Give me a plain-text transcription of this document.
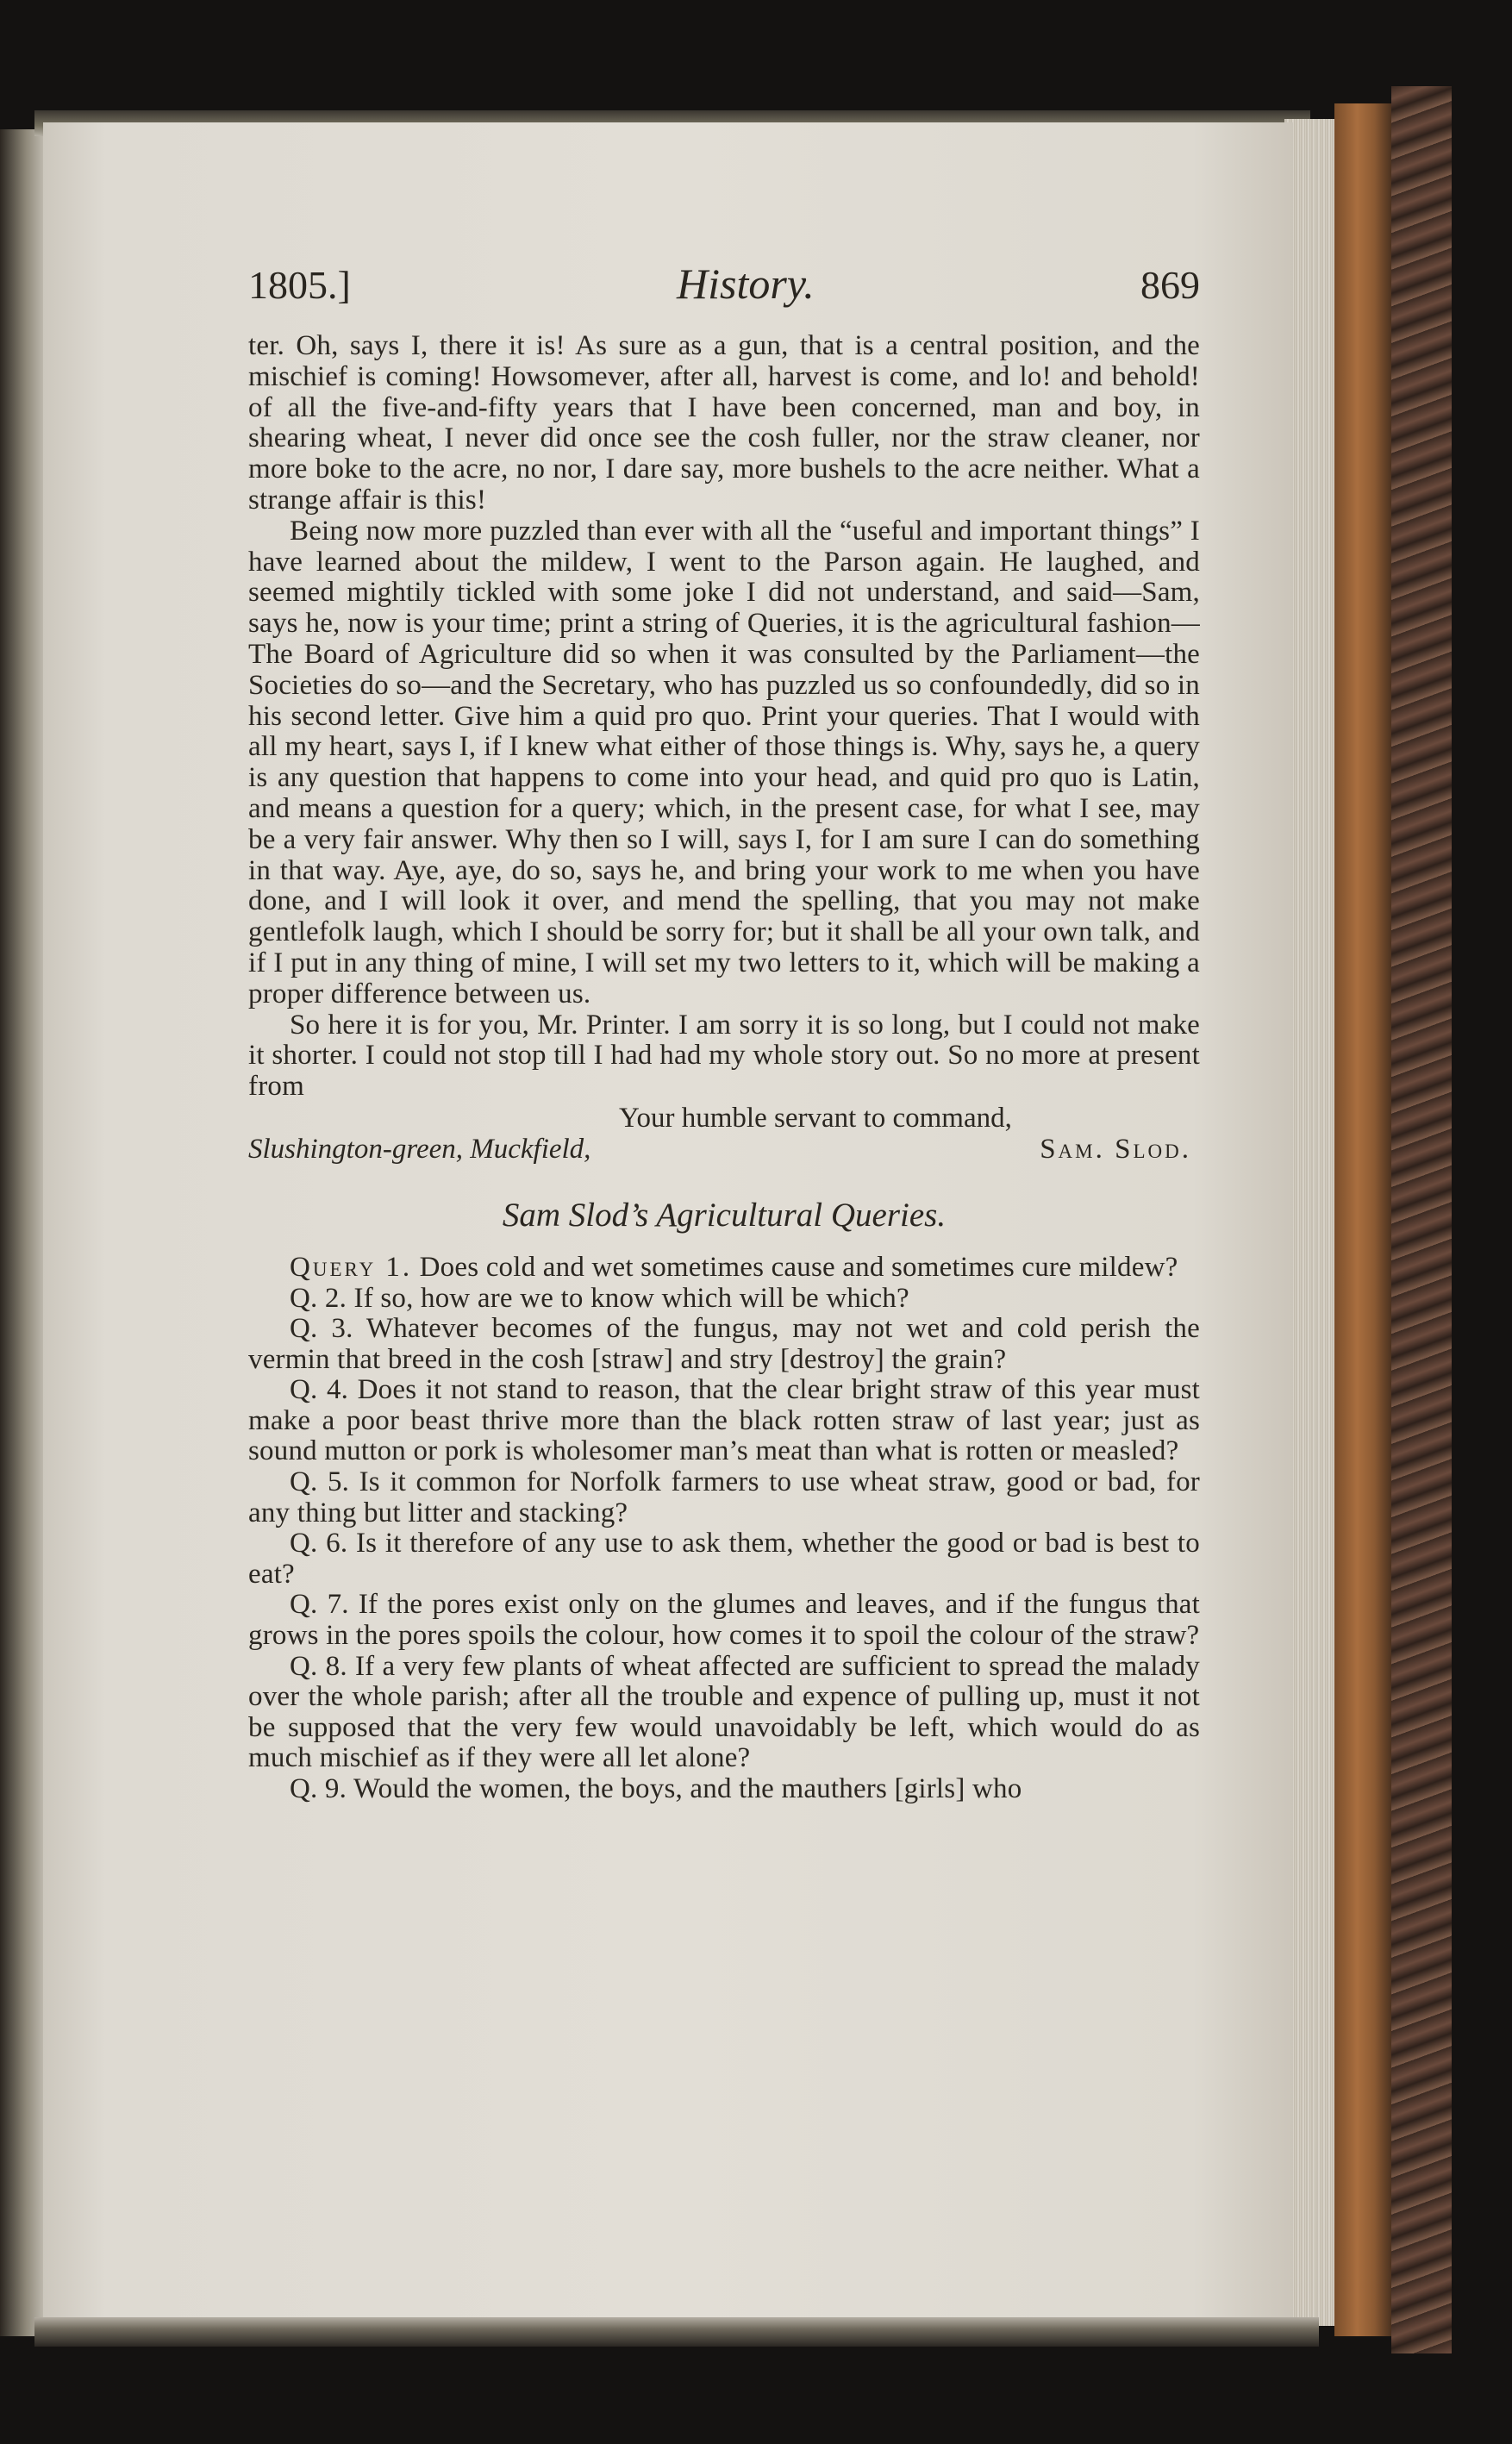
1805.]	History.	869

ter. Oh, says I, there it is! As sure as a gun, that is a central position, and the mischief is coming! Howsomever, after all, harvest is come, and lo! and behold! of all the five-and-fifty years that I have been concerned, man and boy, in shearing wheat, I never did once see the cosh fuller, nor the straw cleaner, nor more boke to the acre, no nor, I dare say, more bushels to the acre neither. What a strange affair is this!

Being now more puzzled than ever with all the “useful and important things” I have learned about the mildew, I went to the Parson again. He laughed, and seemed mightily tickled with some joke I did not understand, and said—Sam, says he, now is your time; print a string of Queries, it is the agricultural fashion—The Board of Agriculture did so when it was consulted by the Parliament—the Societies do so—and the Secretary, who has puzzled us so confoundedly, did so in his second letter. Give him a quid pro quo. Print your queries. That I would with all my heart, says I, if I knew what either of those things is. Why, says he, a query is any question that happens to come into your head, and quid pro quo is Latin, and means a question for a query; which, in the present case, for what I see, may be a very fair answer. Why then so I will, says I, for I am sure I can do something in that way. Aye, aye, do so, says he, and bring your work to me when you have done, and I will look it over, and mend the spelling, that you may not make gentlefolk laugh, which I should be sorry for; but it shall be all your own talk, and if I put in any thing of mine, I will set my two letters to it, which will be making a proper difference between us.

So here it is for you, Mr. Printer. I am sorry it is so long, but I could not make it shorter. I could not stop till I had had my whole story out. So no more at present from

Your humble servant to command,
Slushington-green, Muckfield,	Sam. Slod.
Sam Slod’s Agricultural Queries.

Query 1. Does cold and wet sometimes cause and sometimes cure mildew?

Q. 2. If so, how are we to know which will be which?

Q. 3. Whatever becomes of the fungus, may not wet and cold perish the vermin that breed in the cosh [straw] and stry [destroy] the grain?

Q. 4. Does it not stand to reason, that the clear bright straw of this year must make a poor beast thrive more than the black rotten straw of last year; just as sound mutton or pork is wholesomer man’s meat than what is rotten or measled?

Q. 5. Is it common for Norfolk farmers to use wheat straw, good or bad, for any thing but litter and stacking?

Q. 6. Is it therefore of any use to ask them, whether the good or bad is best to eat?

Q. 7. If the pores exist only on the glumes and leaves, and if the fungus that grows in the pores spoils the colour, how comes it to spoil the colour of the straw?

Q. 8. If a very few plants of wheat affected are sufficient to spread the malady over the whole parish; after all the trouble and expence of pulling up, must it not be supposed that the very few would unavoidably be left, which would do as much mischief as if they were all let alone?

Q. 9. Would the women, the boys, and the mauthers [girls] who
